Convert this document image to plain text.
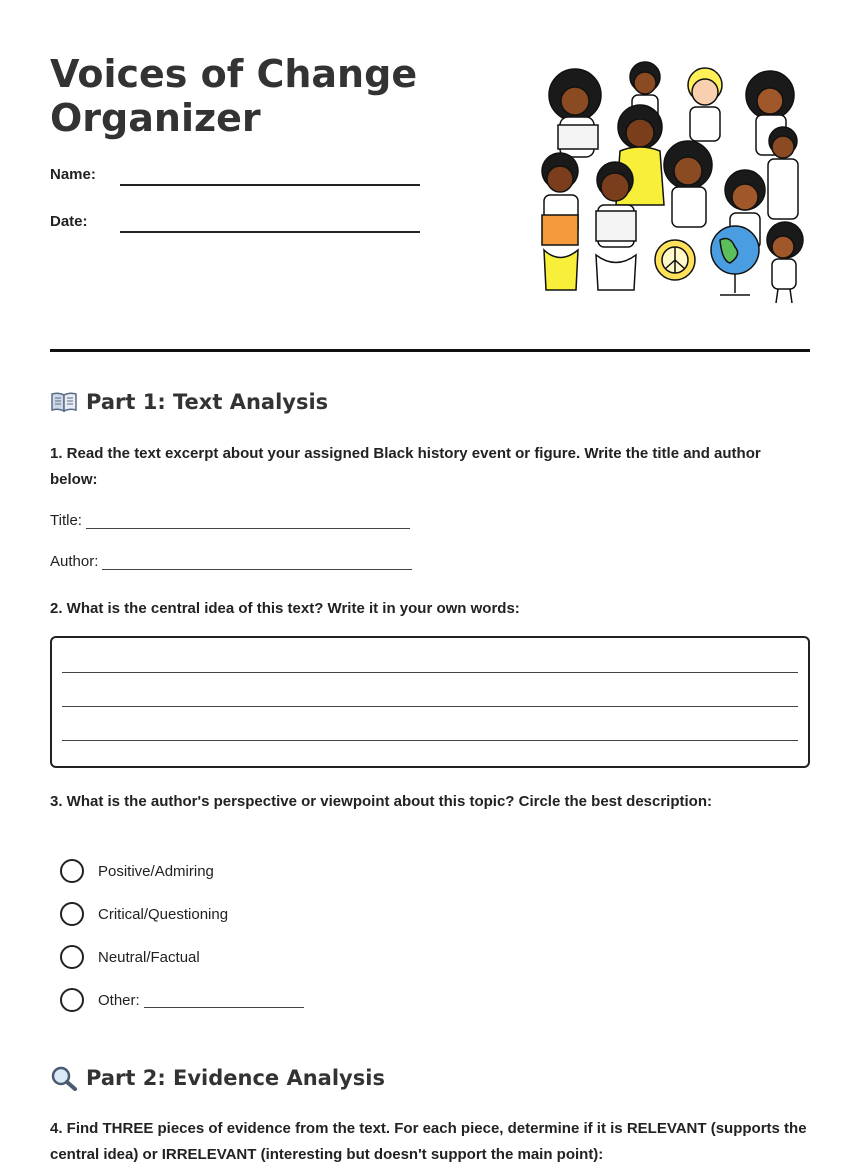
Voices of Change
Organizer
Name:
Date:
Part 1: Text Analysis

1. Read the text excerpt about your assigned Black history event or figure. Write the title and author below:

Title:
Author:

2. What is the central idea of this text? Write it in your own words:

3. What is the author's perspective or viewpoint about this topic? Circle the best description:

Positive/Admiring
Critical/Questioning
Neutral/Factual
Other:
Part 2: Evidence Analysis

4. Find THREE pieces of evidence from the text. For each piece, determine if it is RELEVANT (supports the central idea) or IRRELEVANT (interesting but doesn't support the main point):
